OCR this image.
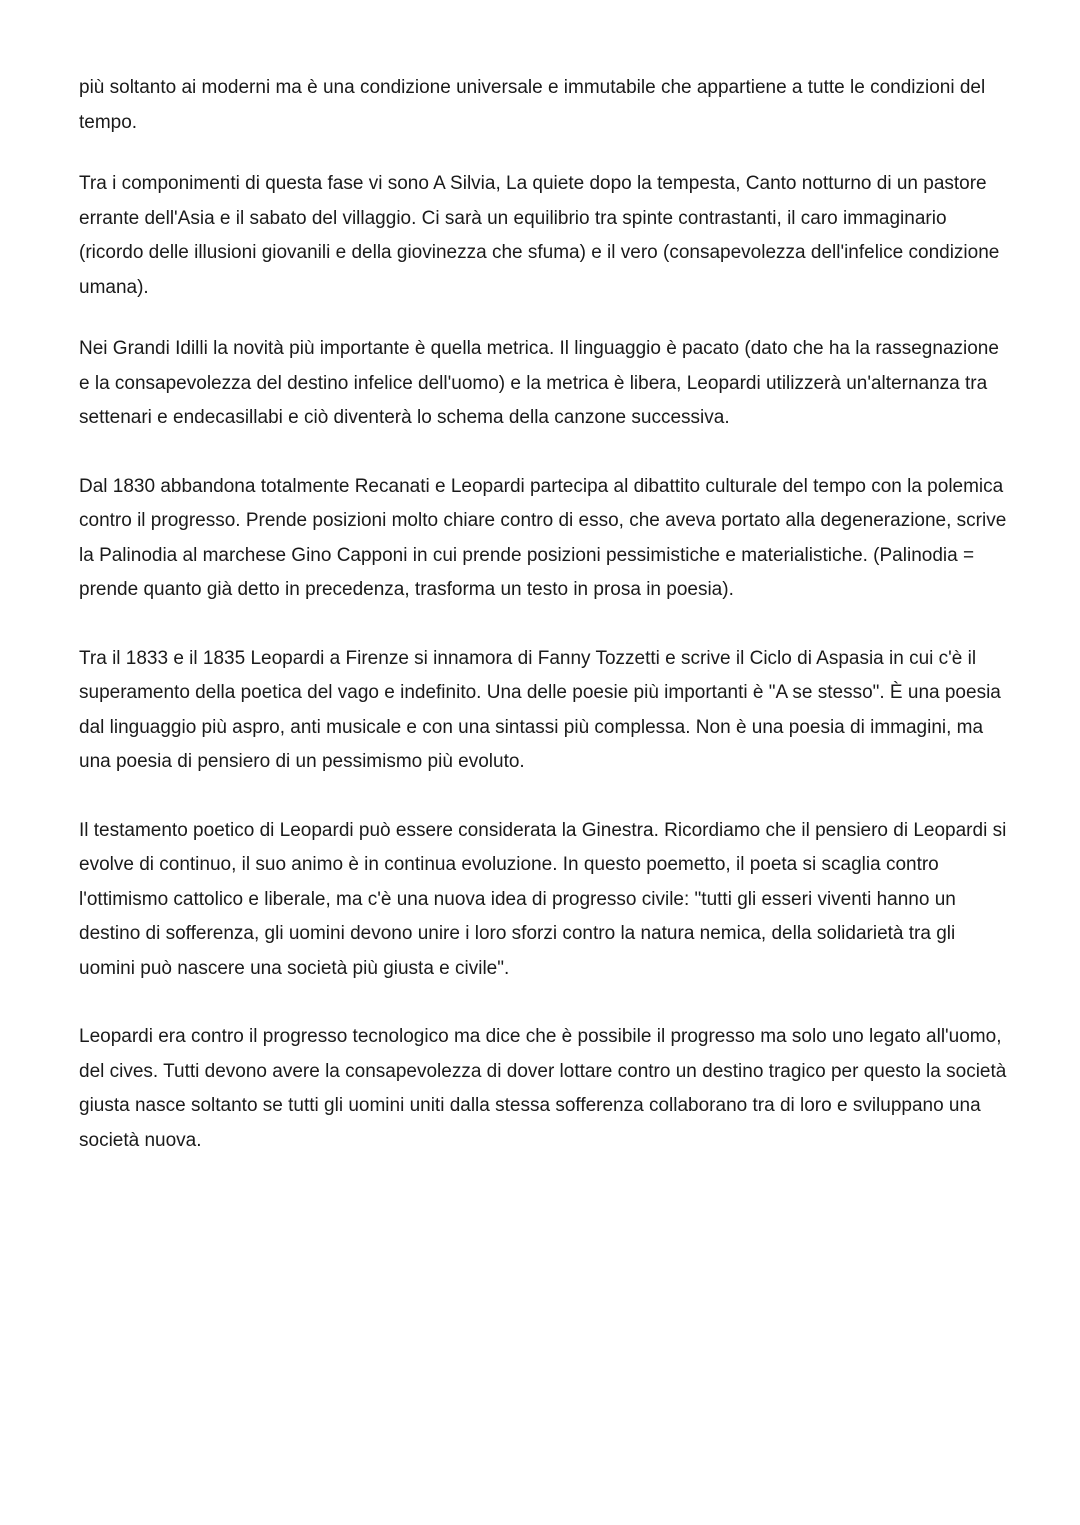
più soltanto ai moderni ma è una condizione universale e immutabile che appartiene a tutte le condizioni del tempo.

Tra i componimenti di questa fase vi sono A Silvia, La quiete dopo la tempesta, Canto notturno di un pastore errante dell'Asia e il sabato del villaggio. Ci sarà un equilibrio tra spinte contrastanti, il caro immaginario (ricordo delle illusioni giovanili e della giovinezza che sfuma) e il vero (consapevolezza dell'infelice condizione umana).

Nei Grandi Idilli la novità più importante è quella metrica. Il linguaggio è pacato (dato che ha la rassegnazione e la consapevolezza del destino infelice dell'uomo) e la metrica è libera, Leopardi utilizzerà un'alternanza tra settenari e endecasillabi e ciò diventerà lo schema della canzone successiva.

Dal 1830 abbandona totalmente Recanati e Leopardi partecipa al dibattito culturale del tempo con la polemica contro il progresso. Prende posizioni molto chiare contro di esso, che aveva portato alla degenerazione, scrive la Palinodia al marchese Gino Capponi in cui prende posizioni pessimistiche e materialistiche. (Palinodia = prende quanto già detto in precedenza, trasforma un testo in prosa in poesia).

Tra il 1833 e il 1835 Leopardi a Firenze si innamora di Fanny Tozzetti e scrive il Ciclo di Aspasia in cui c'è il superamento della poetica del vago e indefinito. Una delle poesie più importanti è "A se stesso". È una poesia dal linguaggio più aspro, anti musicale e con una sintassi più complessa. Non è una poesia di immagini, ma una poesia di pensiero di un pessimismo più evoluto.

Il testamento poetico di Leopardi può essere considerata la Ginestra. Ricordiamo che il pensiero di Leopardi si evolve di continuo, il suo animo è in continua evoluzione. In questo poemetto, il poeta si scaglia contro l'ottimismo cattolico e liberale, ma c'è una nuova idea di progresso civile: "tutti gli esseri viventi hanno un destino di sofferenza, gli uomini devono unire i loro sforzi contro la natura nemica, della solidarietà tra gli uomini può nascere una società più giusta e civile".

Leopardi era contro il progresso tecnologico ma dice che è possibile il progresso ma solo uno legato all'uomo, del cives. Tutti devono avere la consapevolezza di dover lottare contro un destino tragico per questo la società giusta nasce soltanto se tutti gli uomini uniti dalla stessa sofferenza collaborano tra di loro e sviluppano una società nuova.
